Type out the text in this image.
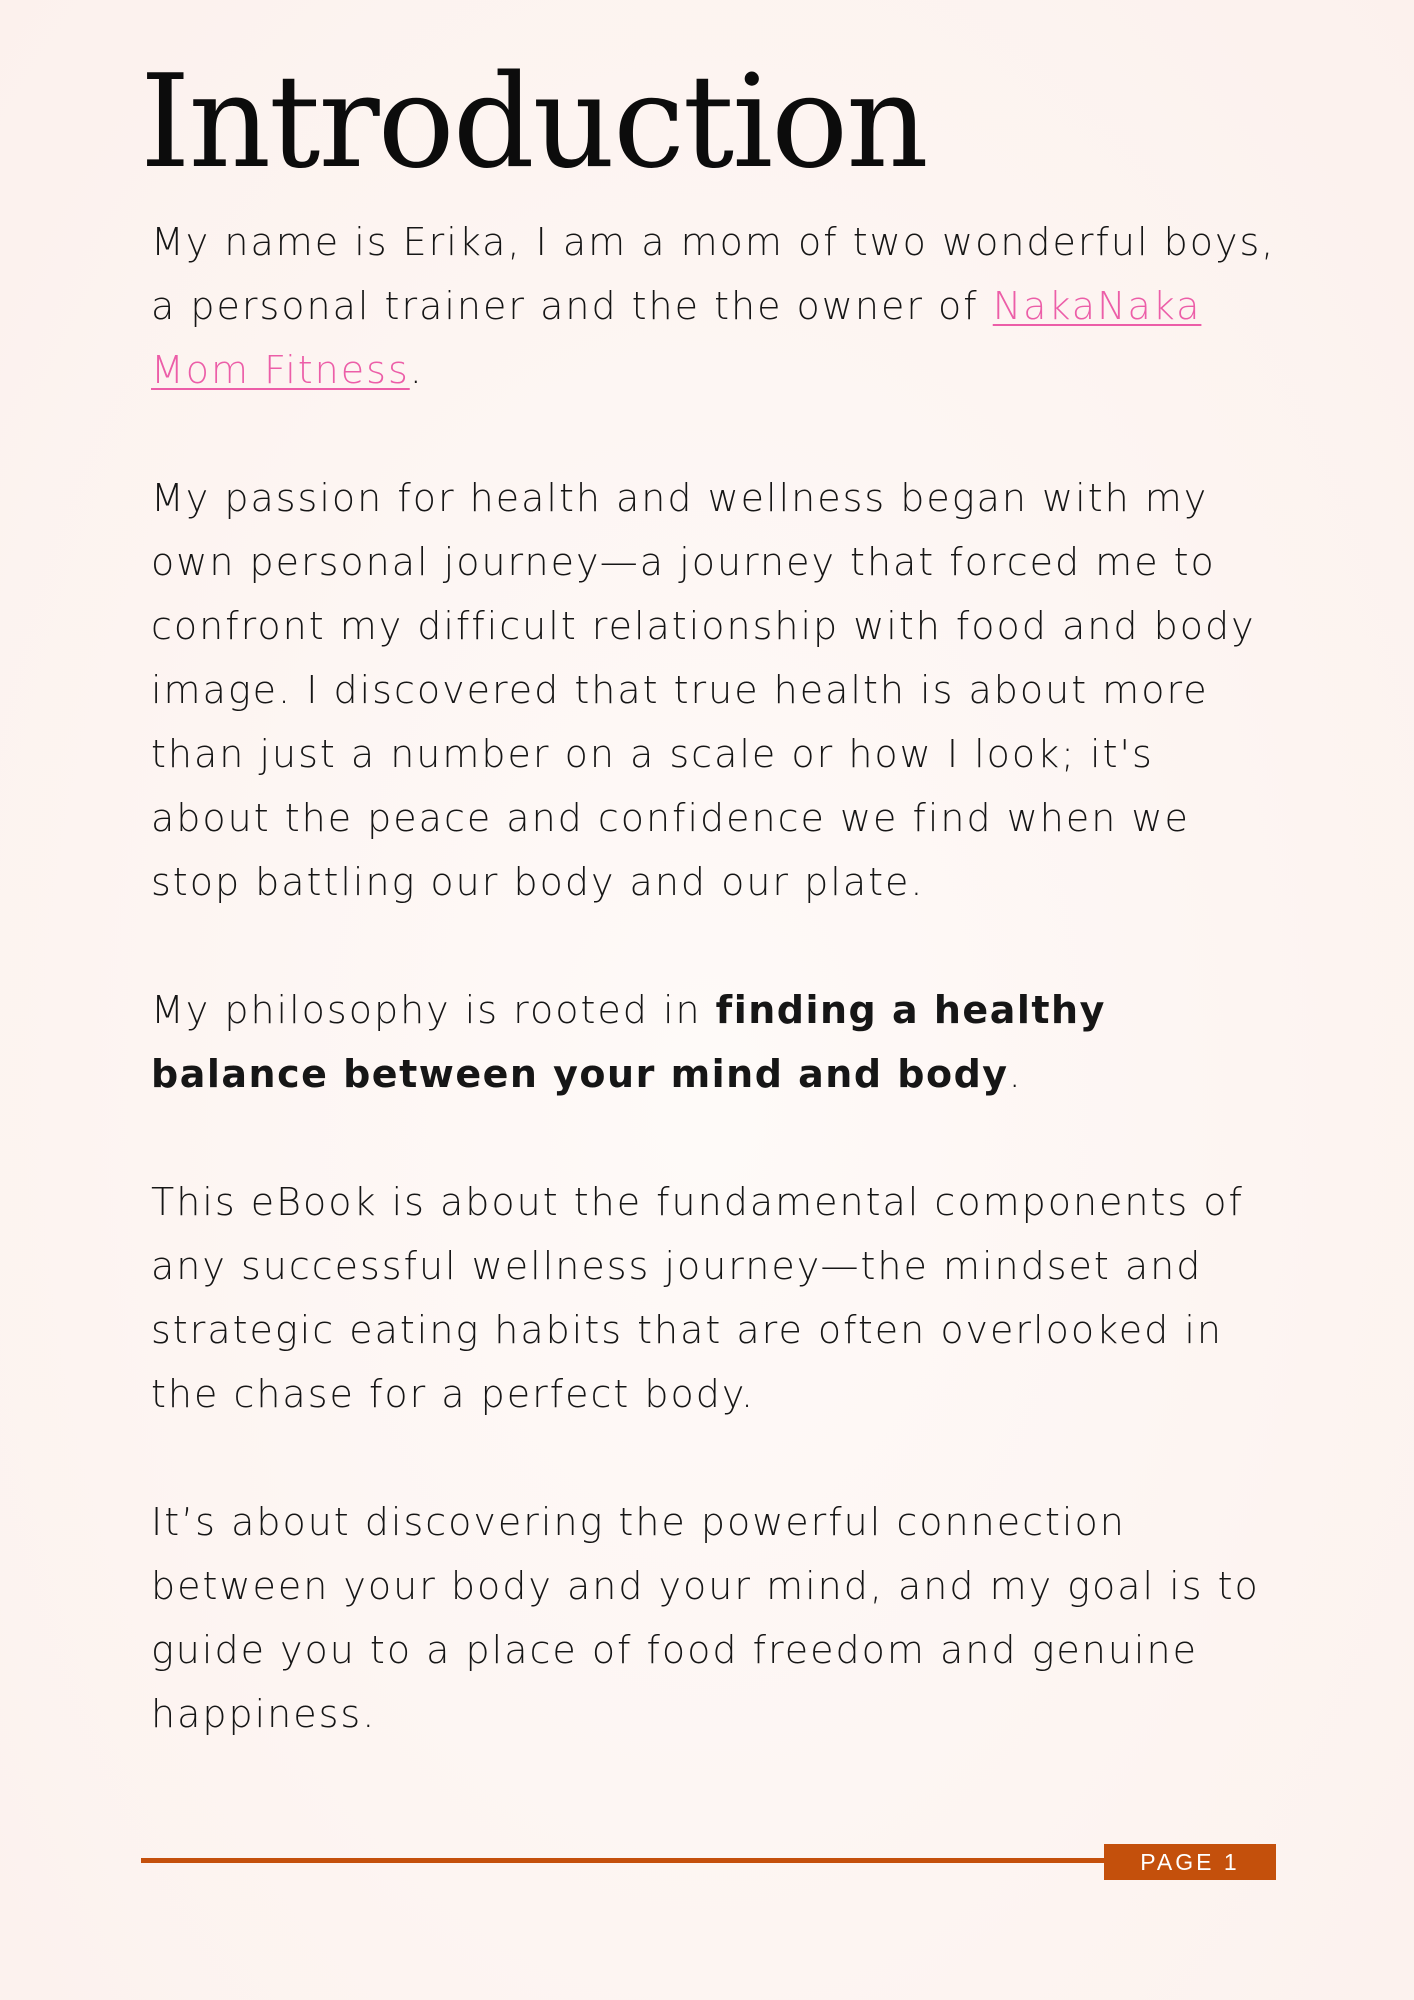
Introduction

My name is Erika, I am a mom of two wonderful boys, a personal trainer and the the owner of NakaNaka Mom Fitness.

My passion for health and wellness began with my own personal journey—a journey that forced me to confront my difficult relationship with food and body image. I discovered that true health is about more than just a number on a scale or how I look; it's about the peace and confidence we find when we stop battling our body and our plate.

My philosophy is rooted in finding a healthy balance between your mind and body.

This eBook is about the fundamental components of any successful wellness journey—the mindset and strategic eating habits that are often overlooked in the chase for a perfect body.

It’s about discovering the powerful connection between your body and your mind, and my goal is to guide you to a place of food freedom and genuine happiness.

PAGE 1
